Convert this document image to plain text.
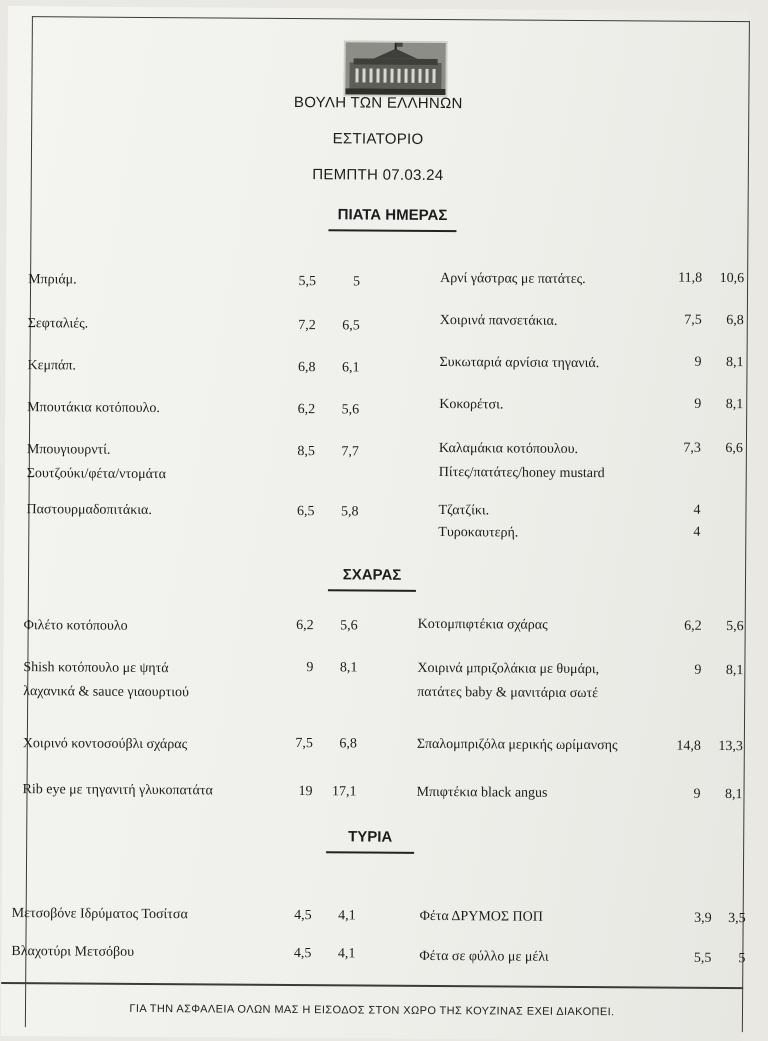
ΒΟΥΛΗ ΤΩΝ ΕΛΛΗΝΩΝ
ΕΣΤΙΑΤΟΡΙΟ
ΠΕΜΠΤΗ 07.03.24
ΠΙΑΤΑ ΗΜΕΡΑΣ
Μπριάμ.	5,5	5
Σεφταλιές.	7,2	6,5
Κεμπάπ.	6,8	6,1
Μπουτάκια κοτόπουλο.	6,2	5,6
Μπουγιουρντί.
Σουτζούκι/φέτα/ντομάτα
8,5	7,7
Παστουρμαδοπιτάκια.	6,5	5,8
Αρνί γάστρας με πατάτες.	11,8	10,6
Χοιρινά πανσετάκια.	7,5	6,8
Συκωταριά αρνίσια τηγανιά.	9	8,1
Κοκορέτσι.	9	8,1
Καλαμάκια κοτόπουλου.
Πίτες/πατάτες/honey mustard
7,3	6,6
Τζατζίκι.	4
Τυροκαυτερή.	4
ΣΧΑΡΑΣ
Φιλέτο κοτόπουλο	6,2	5,6
Shish κοτόπουλο με ψητά
λαχανικά & sauce γιαουρτιού
9	8,1
Χοιρινό κοντοσούβλι σχάρας	7,5	6,8
Rib eye με τηγανιτή γλυκοπατάτα	19	17,1
Κοτομπιφτέκια σχάρας	6,2	5,6
Χοιρινά μπριζολάκια με θυμάρι,
πατάτες baby & μανιτάρια σωτέ
9	8,1
Σπαλομπριζόλα μερικής ωρίμανσης	14,8	13,3
Μπιφτέκια black angus	9	8,1
ΤΥΡΙΑ
Μετσοβόνε Ιδρύματος Τοσίτσα	4,5	4,1
Βλαχοτύρι Μετσόβου	4,5	4,1
Φέτα ΔΡΥΜΟΣ ΠΟΠ	3,9	3,5
Φέτα σε φύλλο με μέλι	5,5	5
ΓΙΑ ΤΗΝ ΑΣΦΑΛΕΙΑ ΟΛΩΝ ΜΑΣ Η ΕΙΣΟΔΟΣ ΣΤΟΝ ΧΩΡΟ ΤΗΣ ΚΟΥΖΙΝΑΣ ΕΧΕΙ ΔΙΑΚΟΠΕΙ.
